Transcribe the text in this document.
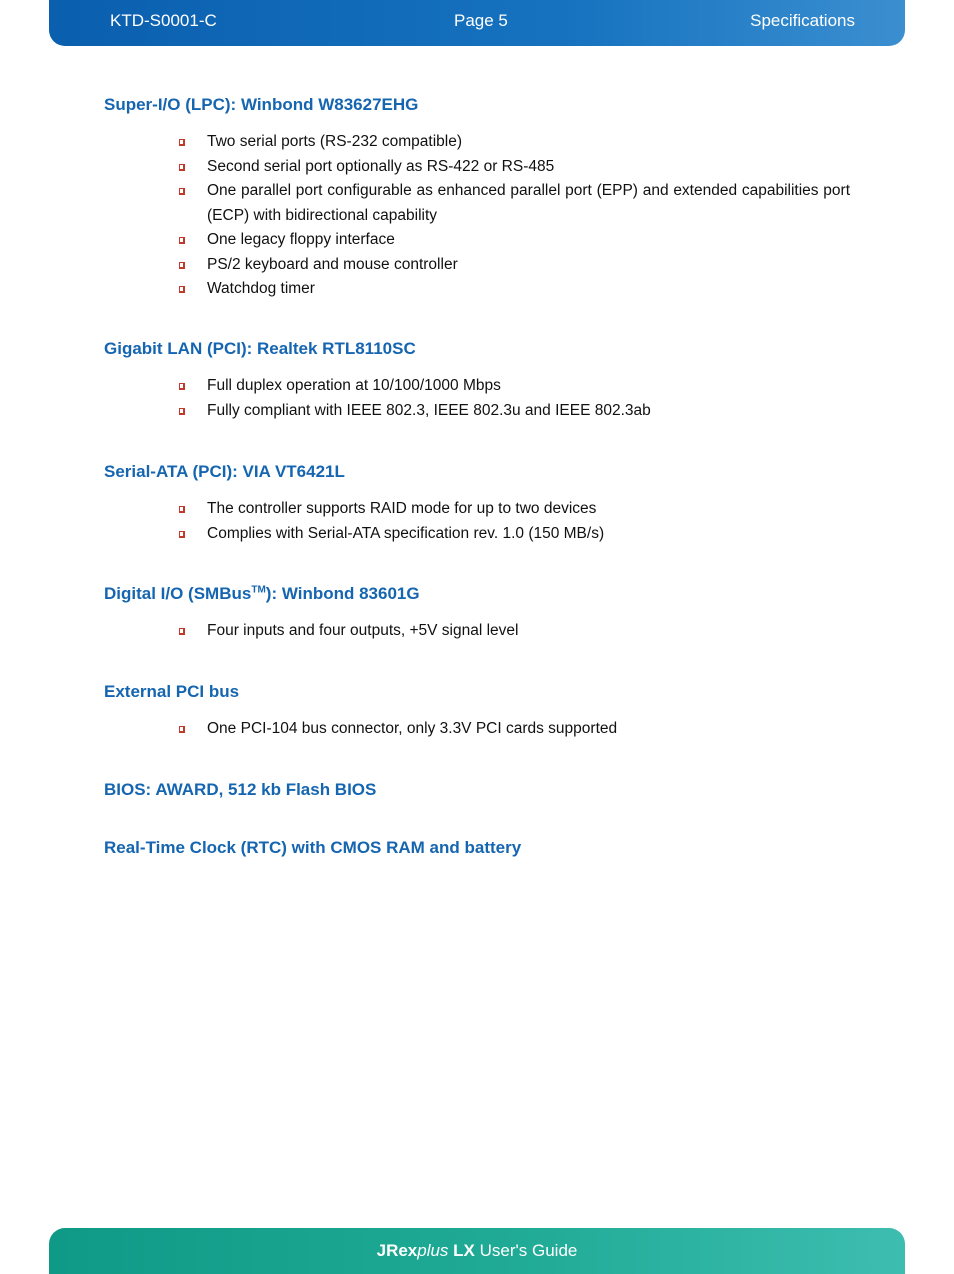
KTD-S0001-C	Page 5	Specifications
Super-I/O (LPC): Winbond W83627EHG
Two serial ports (RS-232 compatible)
Second serial port optionally as RS-422 or RS-485
One parallel port configurable as enhanced parallel port (EPP) and extended capabilities port (ECP) with bidirectional capability
One legacy floppy interface
PS/2 keyboard and mouse controller
Watchdog timer
Gigabit LAN (PCI): Realtek RTL8110SC
Full duplex operation at 10/100/1000 Mbps
Fully compliant with IEEE 802.3, IEEE 802.3u and IEEE 802.3ab
Serial-ATA (PCI): VIA VT6421L
The controller supports RAID mode for up to two devices
Complies with Serial-ATA specification rev. 1.0 (150 MB/s)
Digital I/O (SMBus™): Winbond 83601G
Four inputs and four outputs, +5V signal level
External PCI bus
One PCI-104 bus connector, only 3.3V PCI cards supported
BIOS: AWARD, 512 kb Flash BIOS
Real-Time Clock (RTC) with CMOS RAM and battery
JRexplus LX User's Guide
